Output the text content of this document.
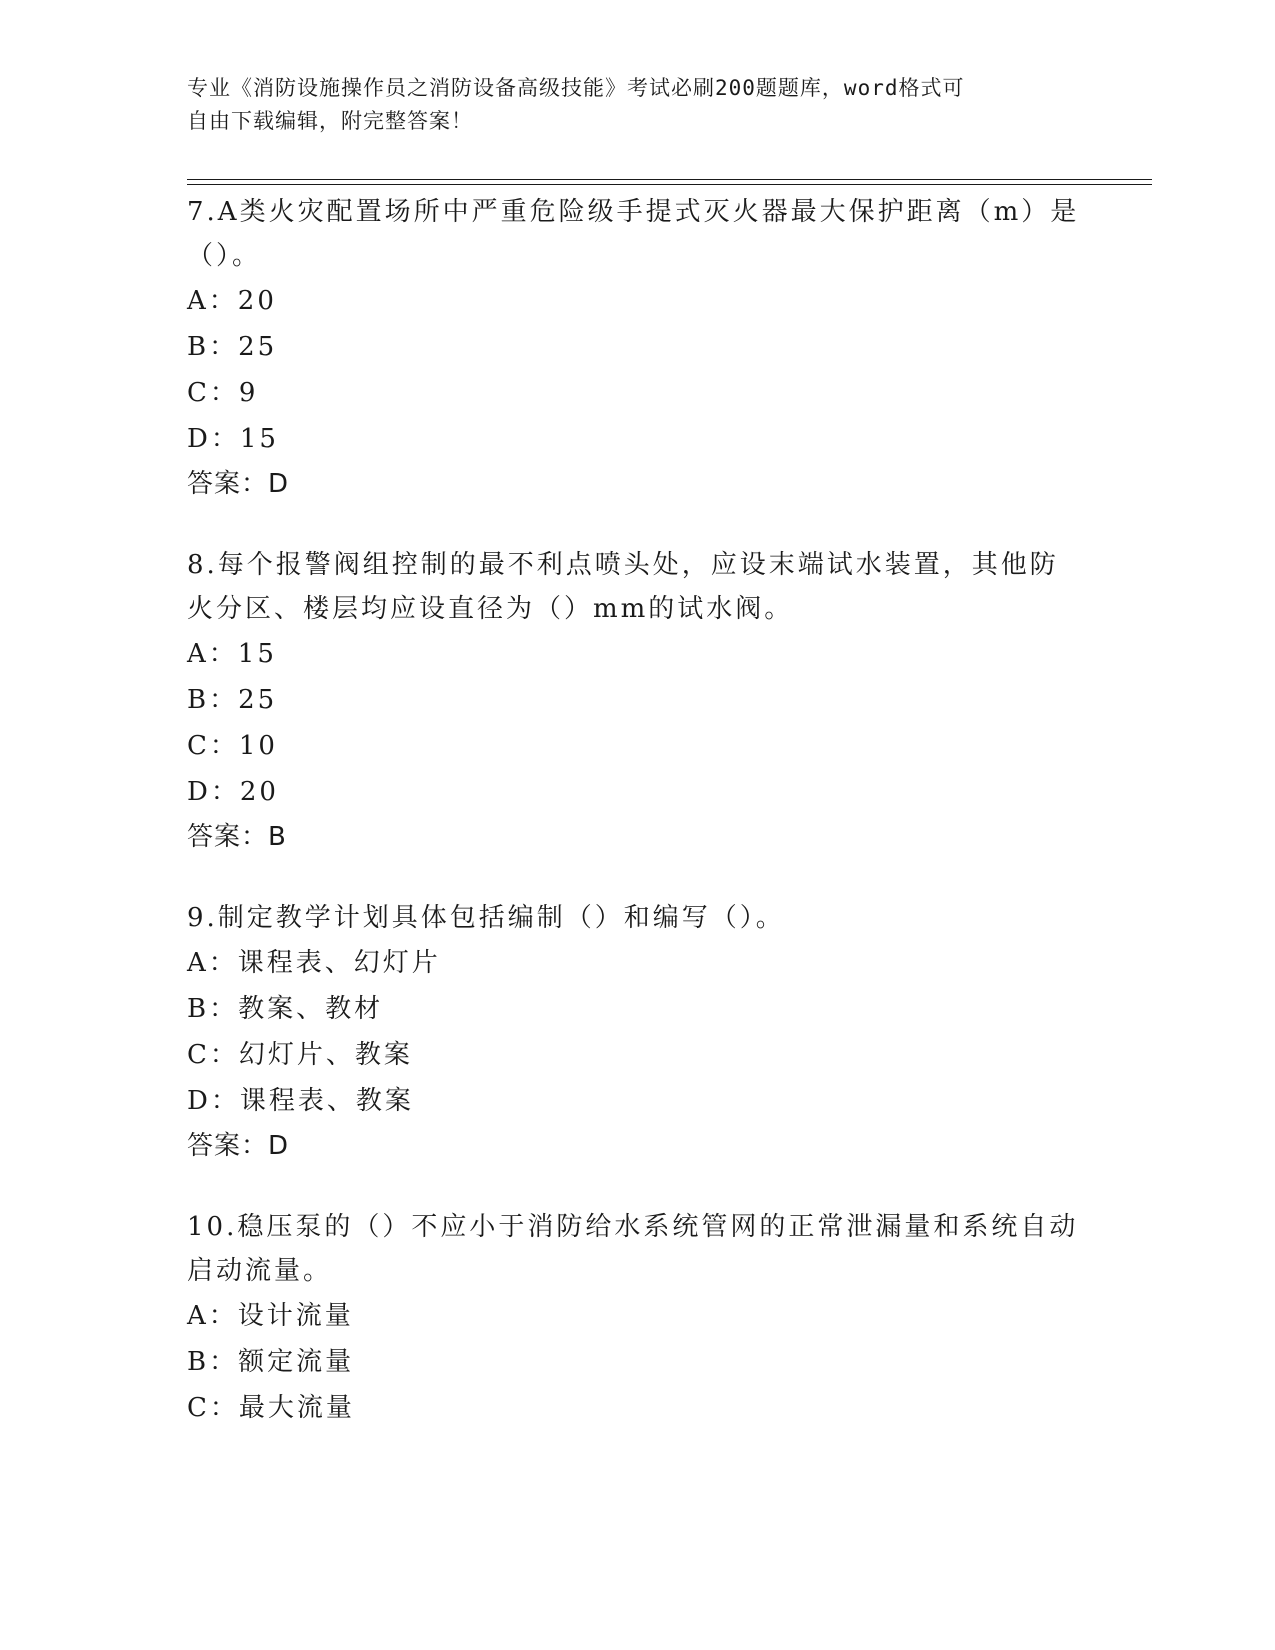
专业《消防设施操作员之消防设备高级技能》考试必刷200题题库，word格式可
自由下载编辑，附完整答案！
7.A类火灾配置场所中严重危险级手提式灭火器最大保护距离（m）是
（）。
A：20
B：25
C：9
D：15
答案：D
8.每个报警阀组控制的最不利点喷头处，应设末端试水装置，其他防
火分区、楼层均应设直径为（）mm的试水阀。
A：15
B：25
C：10
D：20
答案：B
9.制定教学计划具体包括编制（）和编写（）。
A：课程表、幻灯片
B：教案、教材
C：幻灯片、教案
D：课程表、教案
答案：D
10.稳压泵的（）不应小于消防给水系统管网的正常泄漏量和系统自动
启动流量。
A：设计流量
B：额定流量
C：最大流量
